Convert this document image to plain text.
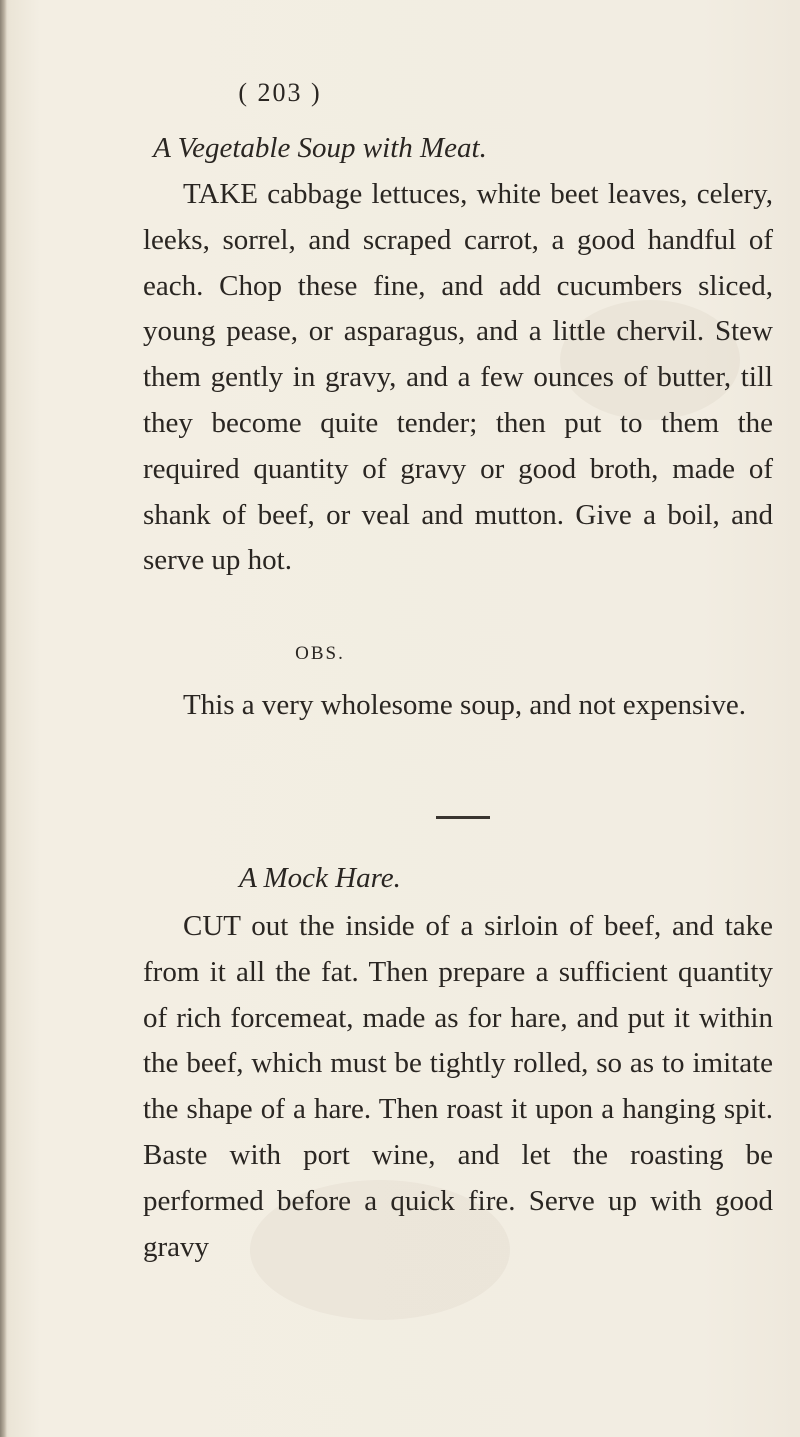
( 203 )
A Vegetable Soup with Meat.

TAKE cabbage lettuces, white beet leaves, celery, leeks, sorrel, and scraped carrot, a good handful of each. Chop these fine, and add cucumbers sliced, young pease, or asparagus, and a little chervil. Stew them gently in gravy, and a few ounces of butter, till they become quite tender; then put to them the required quantity of gravy or good broth, made of shank of beef, or veal and mutton. Give a boil, and serve up hot.

OBS.

This a very wholesome soup, and not expensive.

A Mock Hare.

CUT out the inside of a sirloin of beef, and take from it all the fat. Then prepare a sufficient quantity of rich forcemeat, made as for hare, and put it within the beef, which must be tightly rolled, so as to imitate the shape of a hare. Then roast it upon a hanging spit. Baste with port wine, and let the roasting be performed before a quick fire. Serve up with good gravy
